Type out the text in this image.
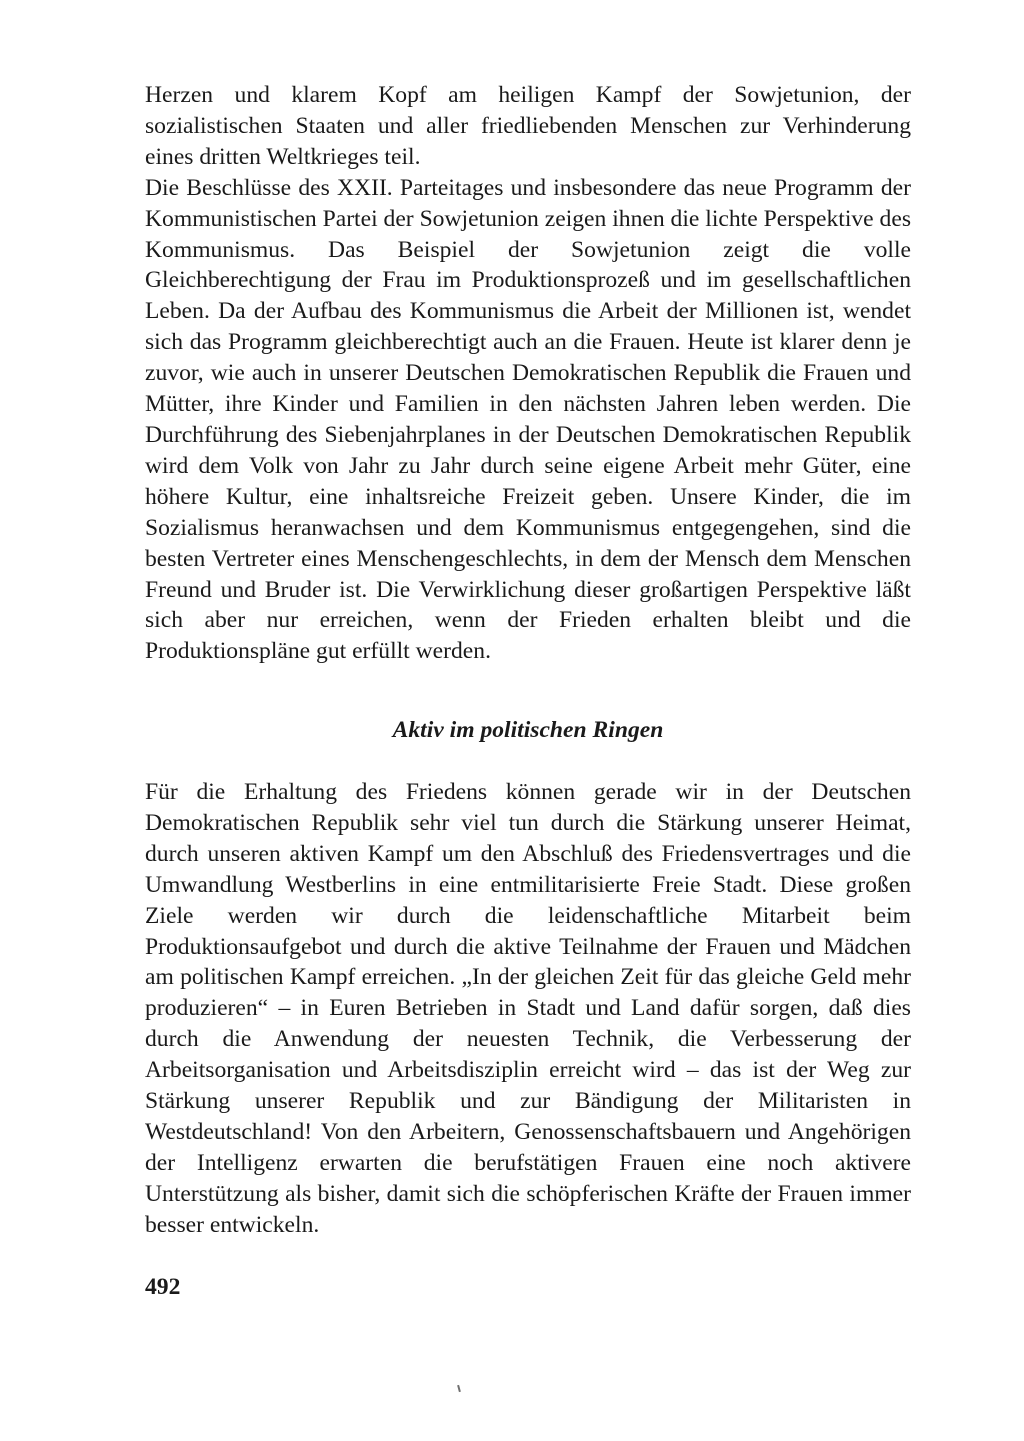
Herzen und klarem Kopf am heiligen Kampf der Sowjetunion, der sozialistischen Staaten und aller friedliebenden Menschen zur Verhinderung eines dritten Weltkrieges teil.

Die Beschlüsse des XXII. Parteitages und insbesondere das neue Programm der Kommunistischen Partei der Sowjetunion zeigen ihnen die lichte Perspektive des Kommunismus. Das Beispiel der Sowjetunion zeigt die volle Gleichberechtigung der Frau im Produktionsprozeß und im gesellschaftlichen Leben. Da der Aufbau des Kommunismus die Arbeit der Millionen ist, wendet sich das Programm gleichberechtigt auch an die Frauen. Heute ist klarer denn je zuvor, wie auch in unserer Deutschen Demokratischen Republik die Frauen und Mütter, ihre Kinder und Familien in den nächsten Jahren leben werden. Die Durchführung des Siebenjahrplanes in der Deutschen Demokratischen Republik wird dem Volk von Jahr zu Jahr durch seine eigene Arbeit mehr Güter, eine höhere Kultur, eine inhaltsreiche Freizeit geben. Unsere Kinder, die im Sozialismus heranwachsen und dem Kommunismus entgegengehen, sind die besten Vertreter eines Menschengeschlechts, in dem der Mensch dem Menschen Freund und Bruder ist. Die Verwirklichung dieser großartigen Perspektive läßt sich aber nur erreichen, wenn der Frieden erhalten bleibt und die Produktionspläne gut erfüllt werden.

Aktiv im politischen Ringen

Für die Erhaltung des Friedens können gerade wir in der Deutschen Demokratischen Republik sehr viel tun durch die Stärkung unserer Heimat, durch unseren aktiven Kampf um den Abschluß des Friedensvertrages und die Umwandlung Westberlins in eine entmilitarisierte Freie Stadt. Diese großen Ziele werden wir durch die leidenschaftliche Mitarbeit beim Produktionsaufgebot und durch die aktive Teilnahme der Frauen und Mädchen am politischen Kampf erreichen. „In der gleichen Zeit für das gleiche Geld mehr produzieren“ – in Euren Betrieben in Stadt und Land dafür sorgen, daß dies durch die Anwendung der neuesten Technik, die Verbesserung der Arbeitsorganisation und Arbeitsdisziplin erreicht wird – das ist der Weg zur Stärkung unserer Republik und zur Bändigung der Militaristen in Westdeutschland! Von den Arbeitern, Genossenschaftsbauern und Angehörigen der Intelligenz erwarten die berufstätigen Frauen eine noch aktivere Unterstützung als bisher, damit sich die schöpferischen Kräfte der Frauen immer besser entwickeln.

492
